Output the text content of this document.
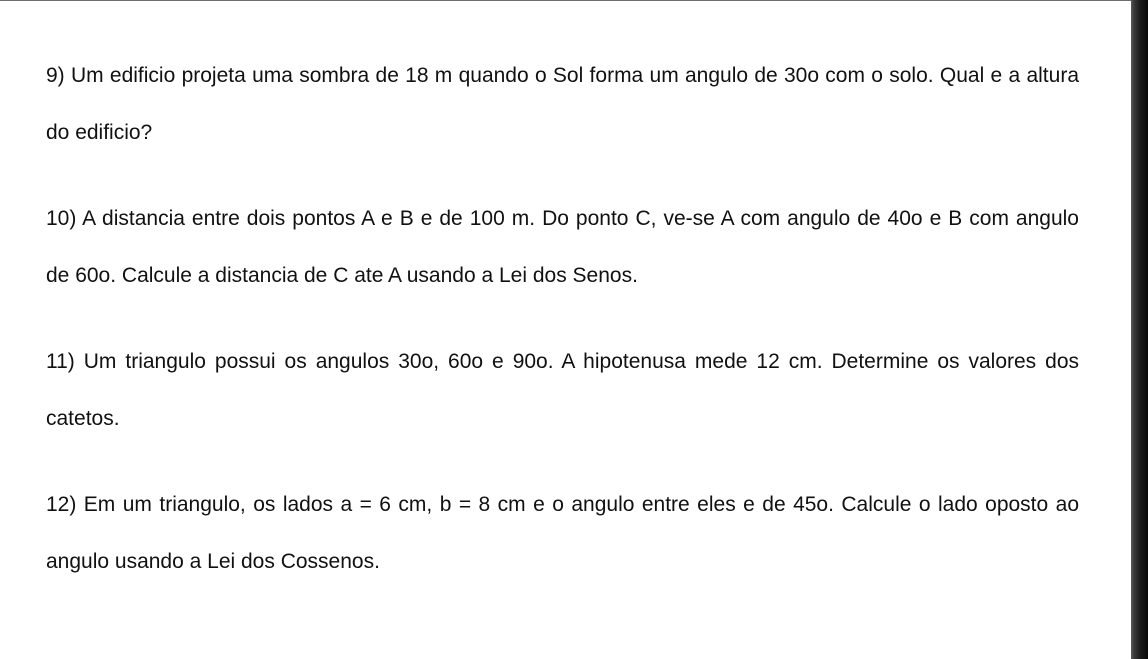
9) Um edificio projeta uma sombra de 18 m quando o Sol forma um angulo de 30o com o solo. Qual e a altura do edificio?

10) A distancia entre dois pontos A e B e de 100 m. Do ponto C, ve-se A com angulo de 40o e B com angulo de 60o. Calcule a distancia de C ate A usando a Lei dos Senos.

11) Um triangulo possui os angulos 30o, 60o e 90o. A hipotenusa mede 12 cm. Determine os valores dos catetos.

12) Em um triangulo, os lados a = 6 cm, b = 8 cm e o angulo entre eles e de 45o. Calcule o lado oposto ao angulo usando a Lei dos Cossenos.
